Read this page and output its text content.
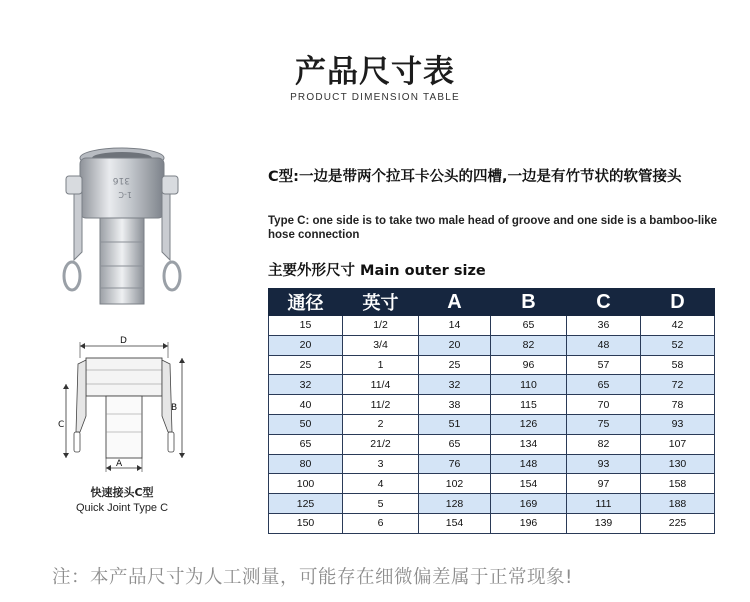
产品尺寸表
PRODUCT DIMENSION TABLE
316
1-C
D
C
B
A
快速接头C型
Quick Joint Type C
C型:一边是带两个拉耳卡公头的四槽,一边是有竹节状的软管接头
Type C: one side is to take two male head of groove and one side is a bamboo-like hose connection
主要外形尺寸 Main outer size
通径	英寸	A	B	C	D
15	1/2	14	65	36	42
20	3/4	20	82	48	52
25	1	25	96	57	58
32	11/4	32	110	65	72
40	11/2	38	115	70	78
50	2	51	126	75	93
65	21/2	65	134	82	107
80	3	76	148	93	130
100	4	102	154	97	158
125	5	128	169	111	188
150	6	154	196	139	225
注：本产品尺寸为人工测量，可能存在细微偏差属于正常现象!
